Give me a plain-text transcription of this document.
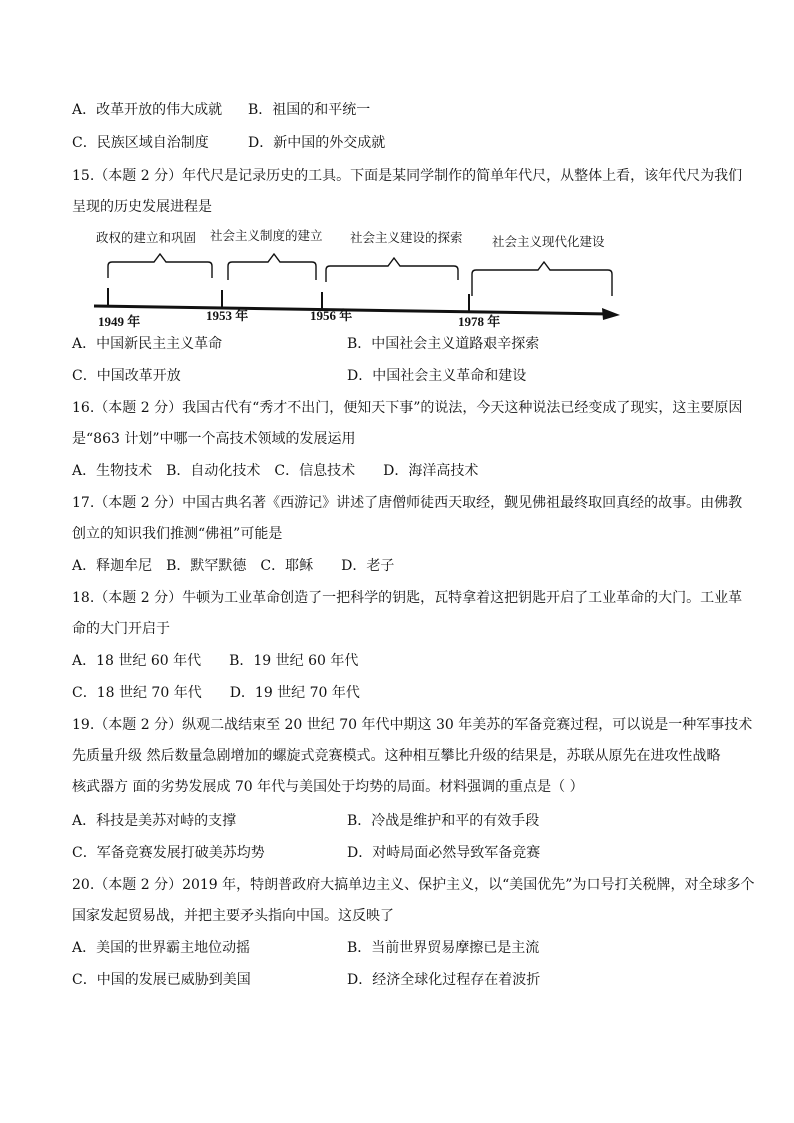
A．改革开放的伟大成就 B．祖国的和平统一
C．民族区域自治制度	D．新中国的外交成就
15.（本题 2 分）年代尺是记录历史的工具。下面是某同学制作的简单年代尺，从整体上看，该年代尺为我们
呈现的历史发展进程是
政权的建立和巩固 社会主义制度的建立 社会主义建设的探索 社会主义现代化建设
1949 年	1953 年	1956 年	1978 年
A．中国新民主主义革命	B．中国社会主义道路艰辛探索
C．中国改革开放	D．中国社会主义革命和建设
16.（本题 2 分）我国古代有“秀才不出门，便知天下事”的说法，今天这种说法已经变成了现实，这主要原因
是“863 计划”中哪一个高技术领域的发展运用
A．生物技术　B．自动化技术　C．信息技术　　D．海洋高技术
17.（本题 2 分）中国古典名著《西游记》讲述了唐僧师徒西天取经，觐见佛祖最终取回真经的故事。由佛教
创立的知识我们推测“佛祖”可能是
A．释迦牟尼　B．默罕默德　C．耶稣　　D．老子
18.（本题 2 分）牛顿为工业革命创造了一把科学的钥匙，瓦特拿着这把钥匙开启了工业革命的大门。工业革
命的大门开启于
A．18 世纪 60 年代　　B．19 世纪 60 年代
C．18 世纪 70 年代　　D．19 世纪 70 年代
19.（本题 2 分）纵观二战结束至 20 世纪 70 年代中期这 30 年美苏的军备竞赛过程，可以说是一种军事技术
先质量升级 然后数量急剧增加的螺旋式竞赛模式。这种相互攀比升级的结果是，苏联从原先在进攻性战略
核武器方 面的劣势发展成 70 年代与美国处于均势的局面。材料强调的重点是（ ）
A．科技是美苏对峙的支撑	B．冷战是维护和平的有效手段
C．军备竞赛发展打破美苏均势	D．对峙局面必然导致军备竞赛
20.（本题 2 分）2019 年，特朗普政府大搞单边主义、保护主义，以“美国优先”为口号打关税牌，对全球多个
国家发起贸易战，并把主要矛头指向中国。这反映了
A．美国的世界霸主地位动摇	B．当前世界贸易摩擦已是主流
C．中国的发展已威胁到美国	D．经济全球化过程存在着波折
